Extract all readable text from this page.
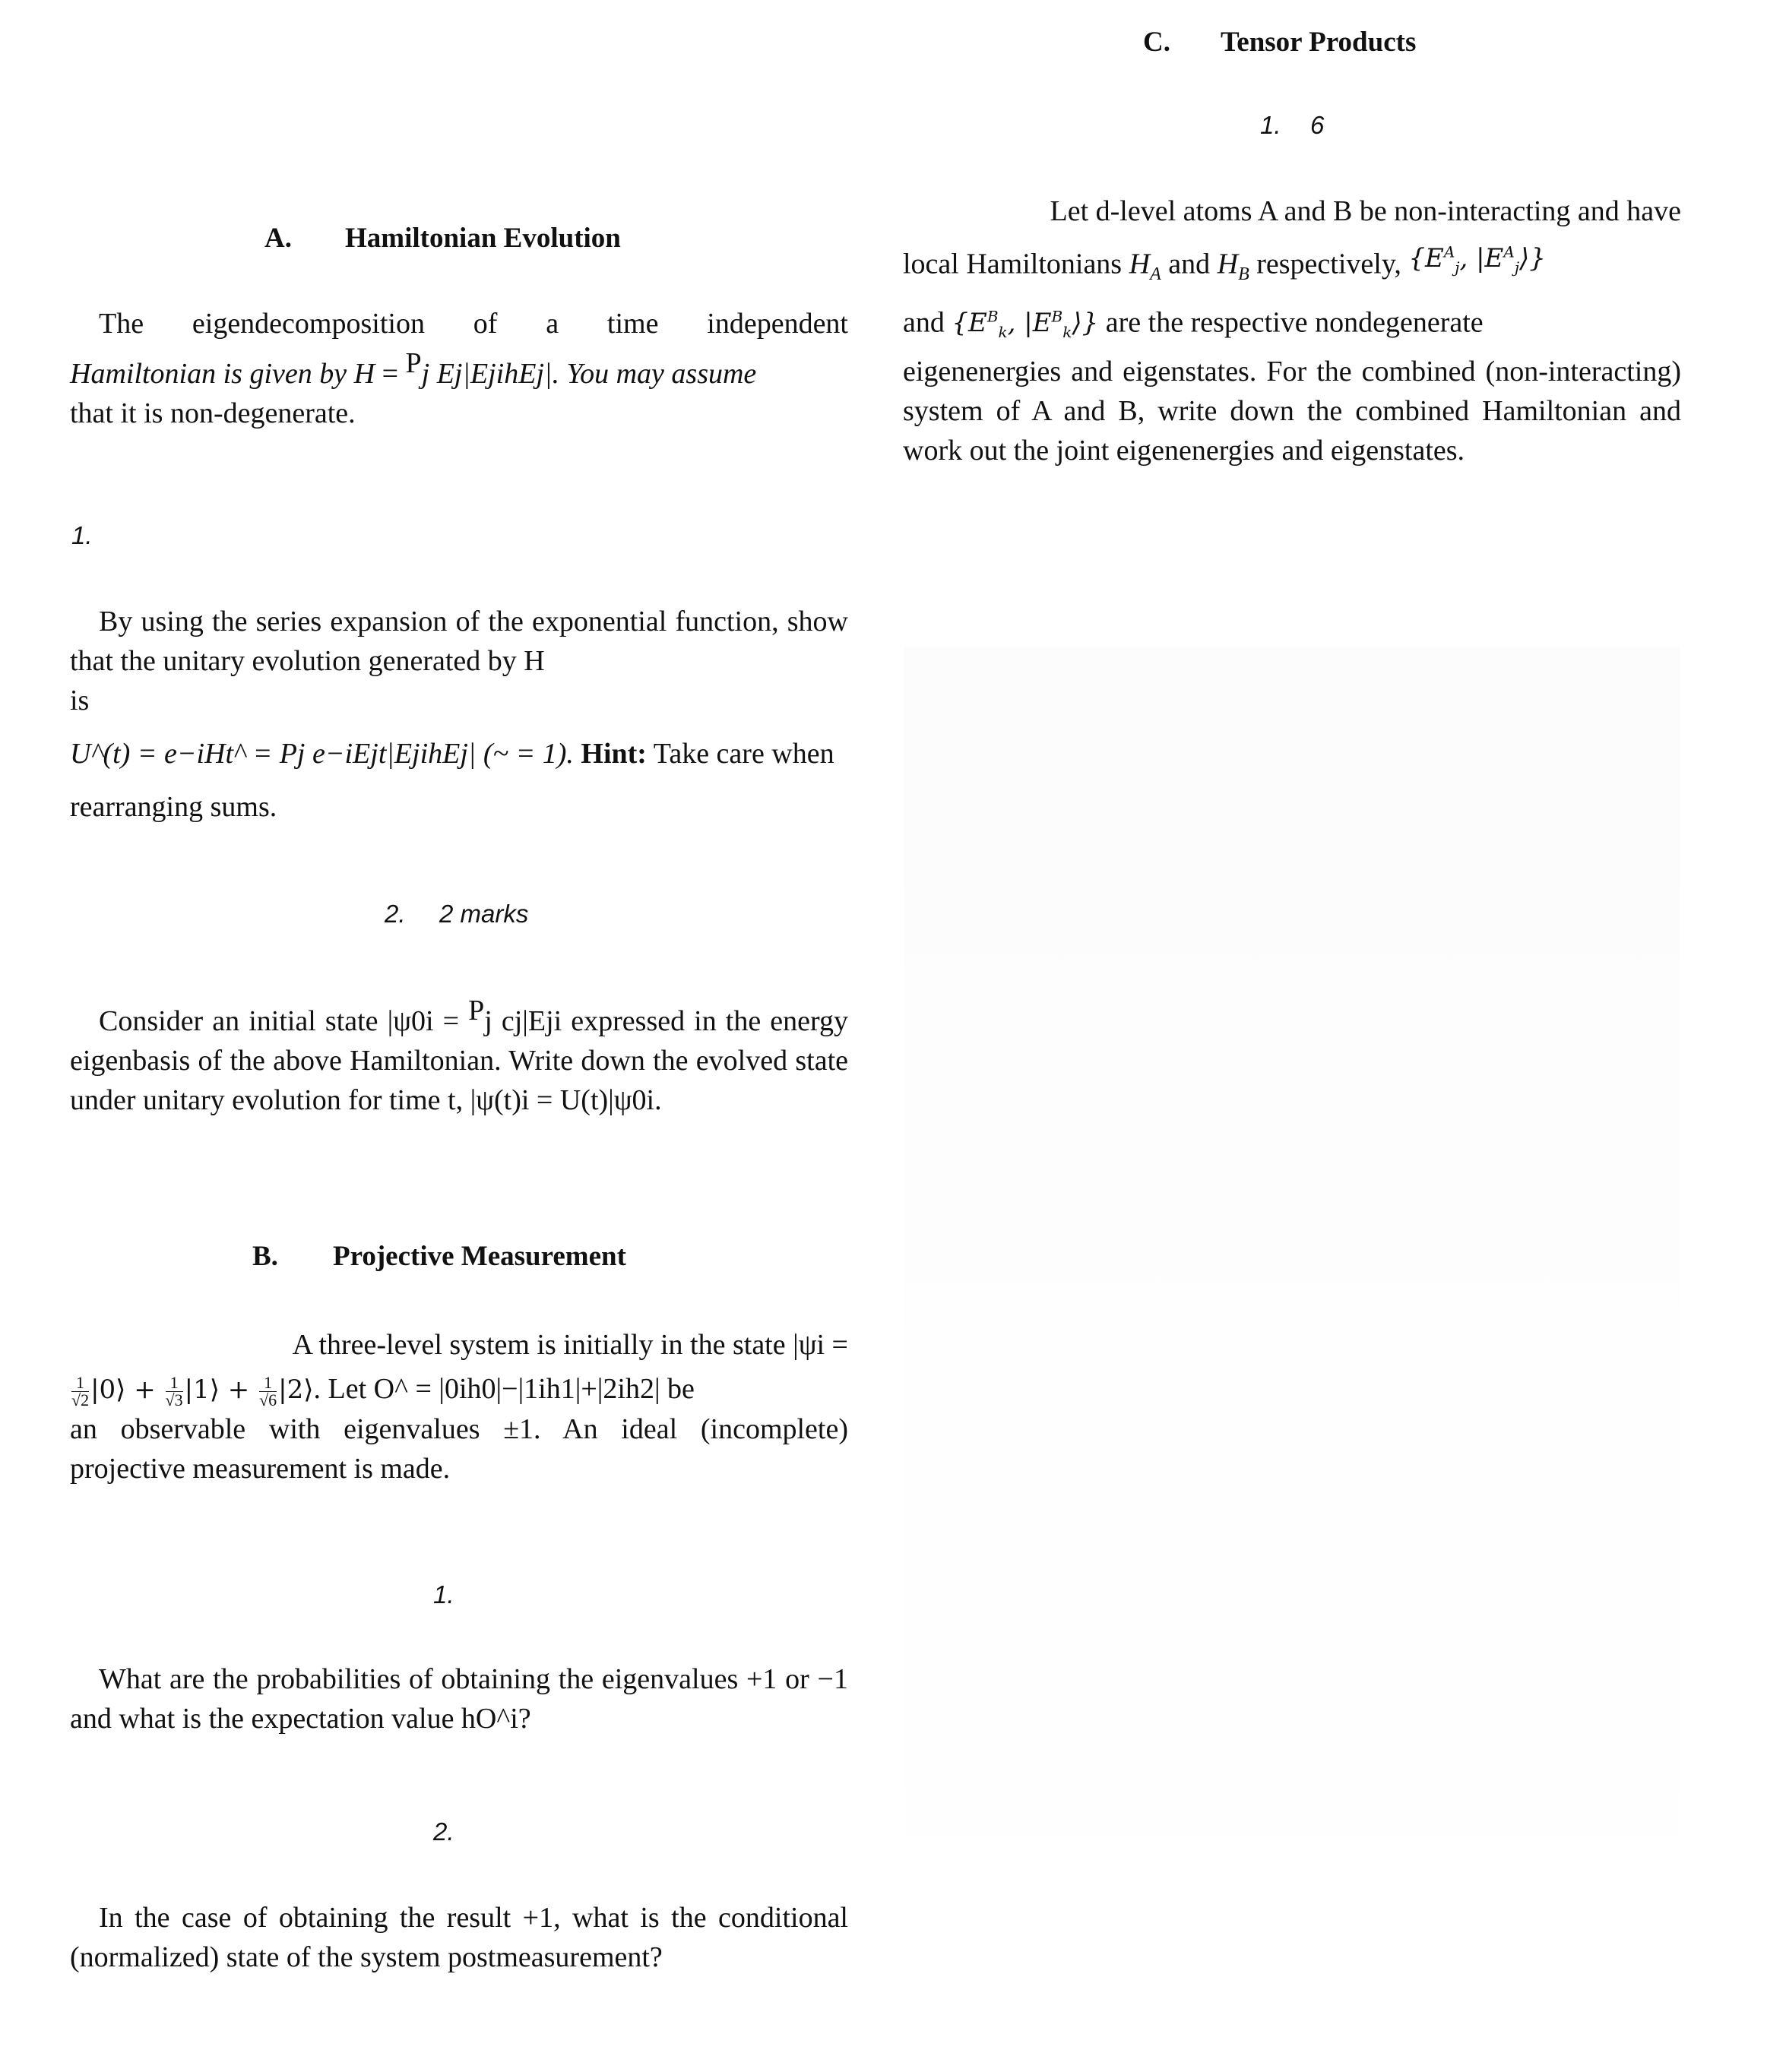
A. Hamiltonian Evolution
The eigendecomposition of a time independent
Hamiltonian is given by H = Pj Ej|EjihEj|. You may assume
that it is non-degenerate.
1.
By using the series expansion of the exponential function, show that the unitary evolution generated by H
is
U^(t) = e−iHt^ = Pj e−iEjt|EjihEj| (~ = 1). Hint: Take care when
rearranging sums.
2. 2 marks
Consider an initial state |ψ0i = Pj cj|Eji expressed in the energy eigenbasis of the above Hamiltonian. Write down the evolved state under unitary evolution for time t, |ψ(t)i = U(t)|ψ0i.
B. Projective Measurement
A three-level system is initially in the state |ψi =
$\frac{1}{√2}$ |0⟩ + $\frac{1}{√3}$ |1⟩ + $\frac{1}{√6}$ |2⟩. Let O^ = |0ih0|−|1ih1|+|2ih2| be
an observable with eigenvalues ±1. An ideal (incomplete) projective measurement is made.
1.
What are the probabilities of obtaining the eigenvalues +1 or −1 and what is the expectation value hO^i?
2.
In the case of obtaining the result +1, what is the conditional (normalized) state of the system postmeasurement?
C. Tensor Products
1. 6
Let d-level atoms A and B be non-interacting and have
local Hamiltonians $H_A$ and $H_B$ respectively, {$E^A_j$, $|E^A_j⟩$}
and {$E^B_k$, $|E^B_k⟩$} are the respective nondegenerate
eigenenergies and eigenstates. For the combined (non-interacting) system of A and B, write down the combined Hamiltonian and work out the joint eigenenergies and eigenstates.
